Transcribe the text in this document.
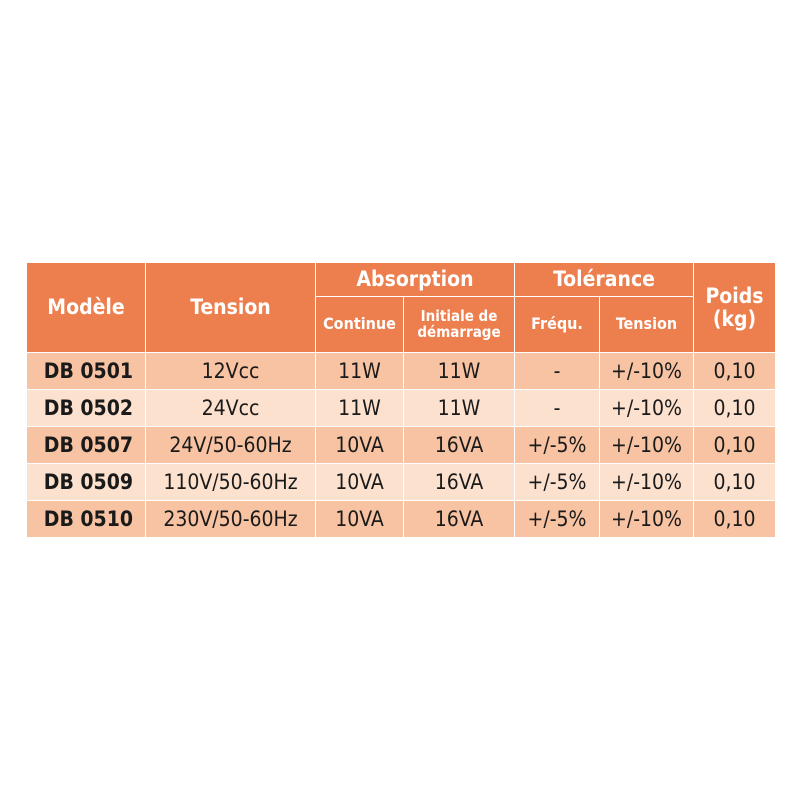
Modèle	Tension	Absorption		Tolérance		Poids (kg)
		Continue	Initiale de démarrage	Fréqu.	Tension	
DB 0501	12Vcc	11W	11W	-	+/-10%	0,10
DB 0502	24Vcc	11W	11W	-	+/-10%	0,10
DB 0507	24V/50-60Hz	10VA	16VA	+/-5%	+/-10%	0,10
DB 0509	110V/50-60Hz	10VA	16VA	+/-5%	+/-10%	0,10
DB 0510	230V/50-60Hz	10VA	16VA	+/-5%	+/-10%	0,10
